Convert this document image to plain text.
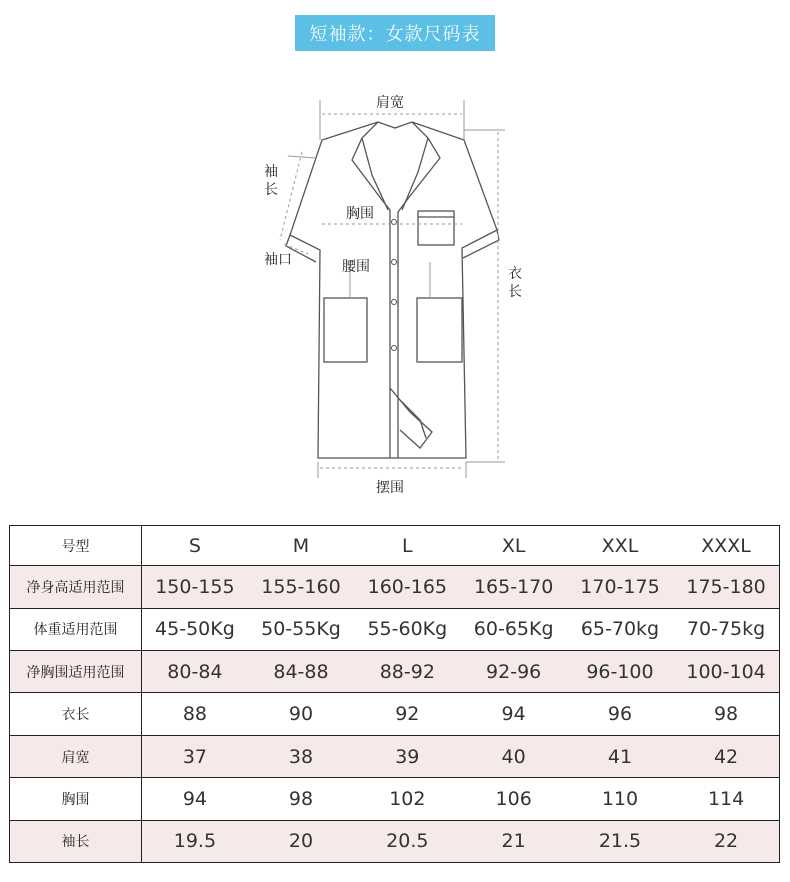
短袖款：女款尺码表
肩宽
胸围
腰围
袖口
摆围
袖长
衣长
号型	S	M	L	XL	XXL	XXXL
净身高适用范围	150-155	155-160	160-165	165-170	170-175	175-180
体重适用范围	45-50Kg	50-55Kg	55-60Kg	60-65Kg	65-70kg	70-75kg
净胸围适用范围	80-84	84-88	88-92	92-96	96-100	100-104
衣长	88	90	92	94	96	98
肩宽	37	38	39	40	41	42
胸围	94	98	102	106	110	114
袖长	19.5	20	20.5	21	21.5	22
